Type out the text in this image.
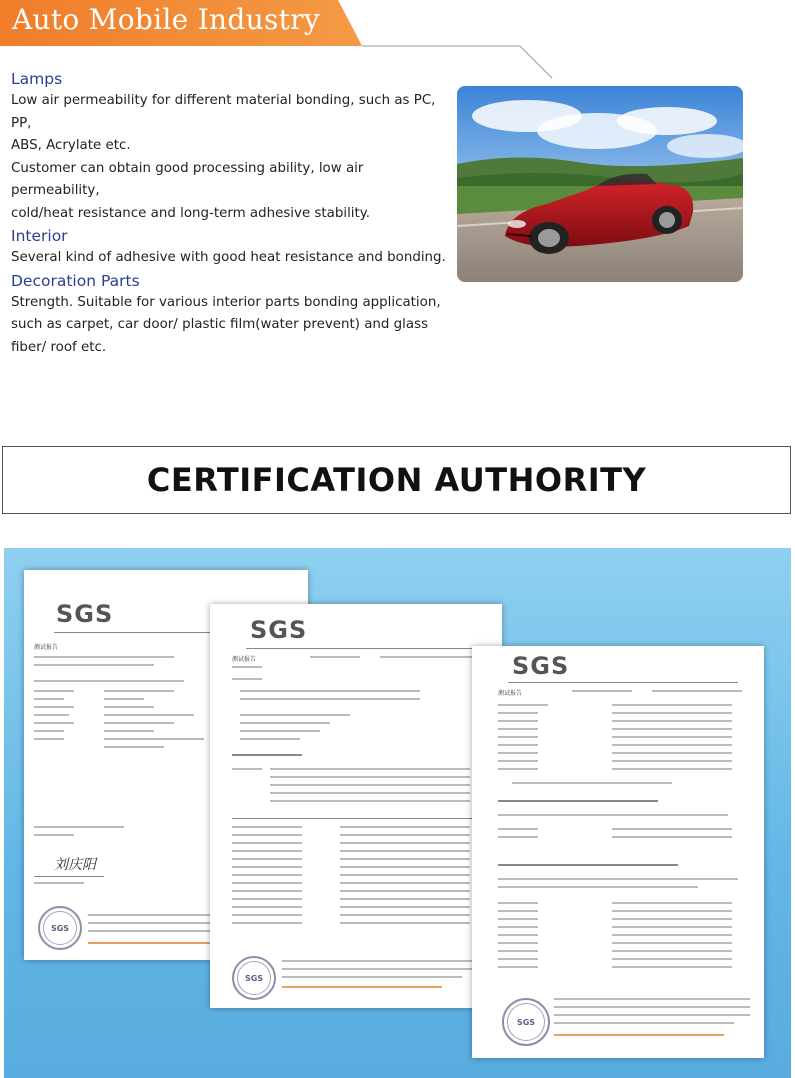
Auto Mobile Industry

Lamps

Low air permeability for different material bonding, such as PC, PP,

ABS, Acrylate etc.

Customer can obtain good processing ability, low air permeability,

cold/heat resistance and long-term adhesive stability.

Interior

Several kind of adhesive with good heat resistance and bonding.

Decoration Parts

Strength. Suitable for various interior parts bonding application,

such as carpet, car door/ plastic film(water prevent) and glass

fiber/ roof etc.

CERTIFICATION AUTHORITY
SGS
测试报告
刘庆阳
SGS
SGS
测试报告
SGS
SGS
测试报告
SGS
